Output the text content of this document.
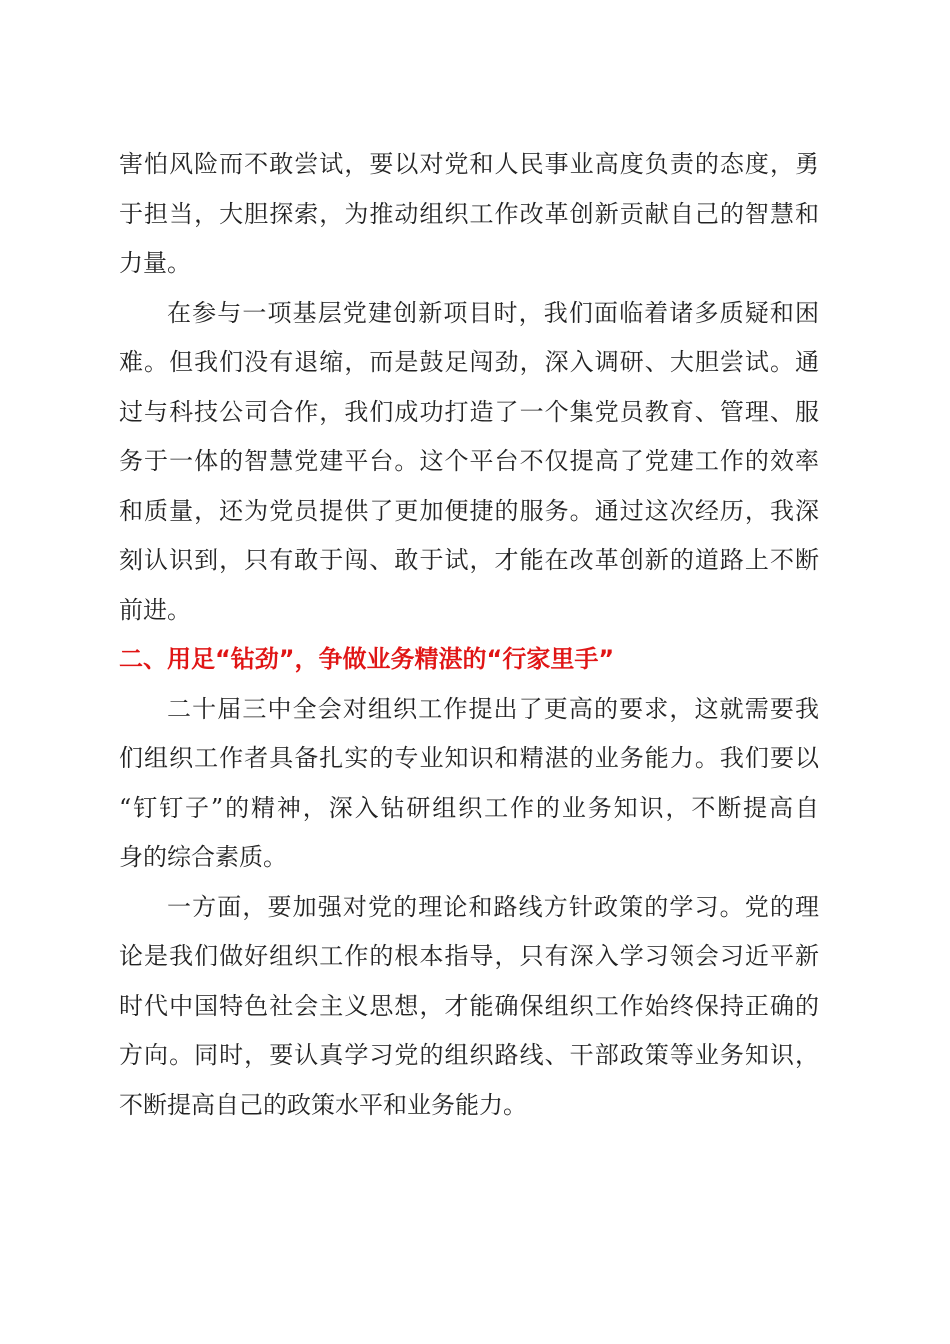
害怕风险而不敢尝试，要以对党和人民事业高度负责的态度，勇
于担当，大胆探索，为推动组织工作改革创新贡献自己的智慧和
力量。
在参与一项基层党建创新项目时，我们面临着诸多质疑和困
难。但我们没有退缩，而是鼓足闯劲，深入调研、大胆尝试。通
过与科技公司合作，我们成功打造了一个集党员教育、管理、服
务于一体的智慧党建平台。这个平台不仅提高了党建工作的效率
和质量，还为党员提供了更加便捷的服务。通过这次经历，我深
刻认识到，只有敢于闯、敢于试，才能在改革创新的道路上不断
前进。
二、用足“钻劲”，争做业务精湛的“行家里手”
二十届三中全会对组织工作提出了更高的要求，这就需要我
们组织工作者具备扎实的专业知识和精湛的业务能力。我们要以
“钉钉子”的精神，深入钻研组织工作的业务知识，不断提高自
身的综合素质。
一方面，要加强对党的理论和路线方针政策的学习。党的理
论是我们做好组织工作的根本指导，只有深入学习领会习近平新
时代中国特色社会主义思想，才能确保组织工作始终保持正确的
方向。同时，要认真学习党的组织路线、干部政策等业务知识，
不断提高自己的政策水平和业务能力。
